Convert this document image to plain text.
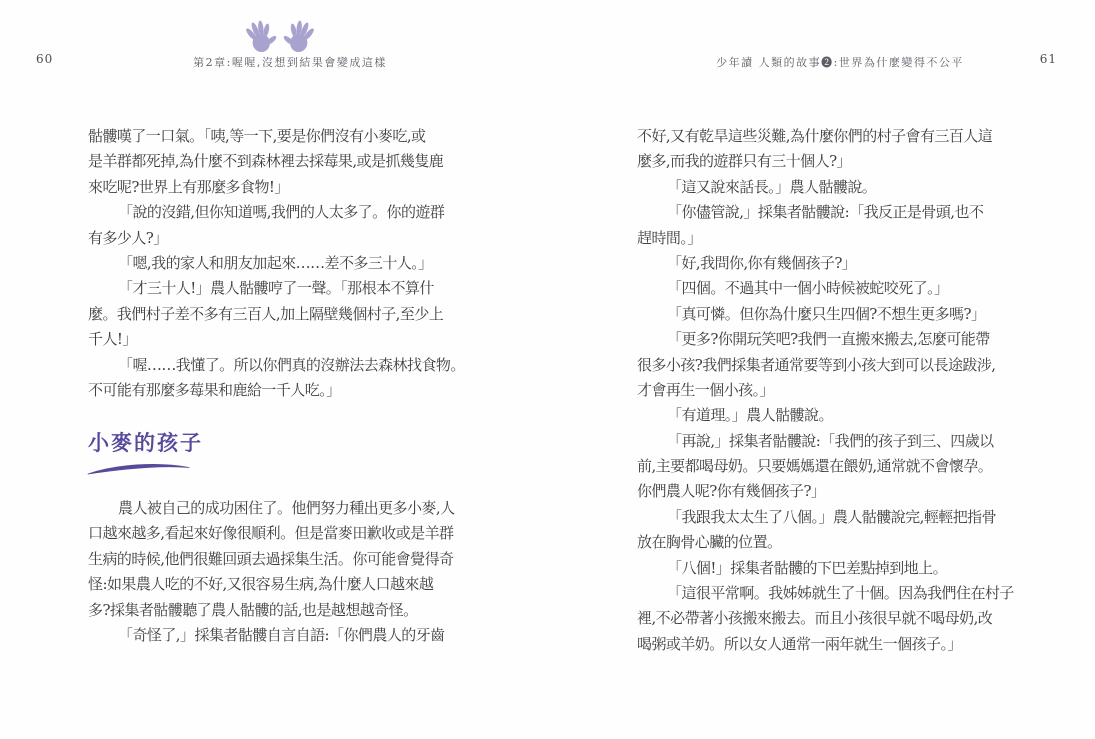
60	第2章:喔喔,沒想到結果會變成這樣	少年讀 人類的故事❷:世界為什麼變得不公平	61
骷髏嘆了一口氣。「咦,等一下,要是你們沒有小麥吃,或
是羊群都死掉,為什麼不到森林裡去採莓果,或是抓幾隻鹿
來吃呢?世界上有那麼多食物!」
「說的沒錯,但你知道嗎,我們的人太多了。你的遊群
有多少人?」
「嗯,我的家人和朋友加起來……差不多三十人。」
「才三十人!」農人骷髏哼了一聲。「那根本不算什
麼。我們村子差不多有三百人,加上隔壁幾個村子,至少上
千人!」
「喔……我懂了。所以你們真的沒辦法去森林找食物。
不可能有那麼多莓果和鹿給一千人吃。」
小麥的孩子
農人被自己的成功困住了。他們努力種出更多小麥,人
口越來越多,看起來好像很順利。但是當麥田歉收或是羊群
生病的時候,他們很難回頭去過採集生活。你可能會覺得奇
怪:如果農人吃的不好,又很容易生病,為什麼人口越來越
多?採集者骷髏聽了農人骷髏的話,也是越想越奇怪。
「奇怪了,」採集者骷髏自言自語:「你們農人的牙齒
不好,又有乾旱這些災難,為什麼你們的村子會有三百人這
麼多,而我的遊群只有三十個人?」
「這又說來話長。」農人骷髏說。
「你儘管說,」採集者骷髏說:「我反正是骨頭,也不
趕時間。」
「好,我問你,你有幾個孩子?」
「四個。不過其中一個小時候被蛇咬死了。」
「真可憐。但你為什麼只生四個?不想生更多嗎?」
「更多?你開玩笑吧?我們一直搬來搬去,怎麼可能帶
很多小孩?我們採集者通常要等到小孩大到可以長途跋涉,
才會再生一個小孩。」
「有道理。」農人骷髏說。
「再說,」採集者骷髏說:「我們的孩子到三、四歲以
前,主要都喝母奶。只要媽媽還在餵奶,通常就不會懷孕。
你們農人呢?你有幾個孩子?」
「我跟我太太生了八個。」農人骷髏說完,輕輕把指骨
放在胸骨心臟的位置。
「八個!」採集者骷髏的下巴差點掉到地上。
「這很平常啊。我姊姊就生了十個。因為我們住在村子
裡,不必帶著小孩搬來搬去。而且小孩很早就不喝母奶,改
喝粥或羊奶。所以女人通常一兩年就生一個孩子。」
